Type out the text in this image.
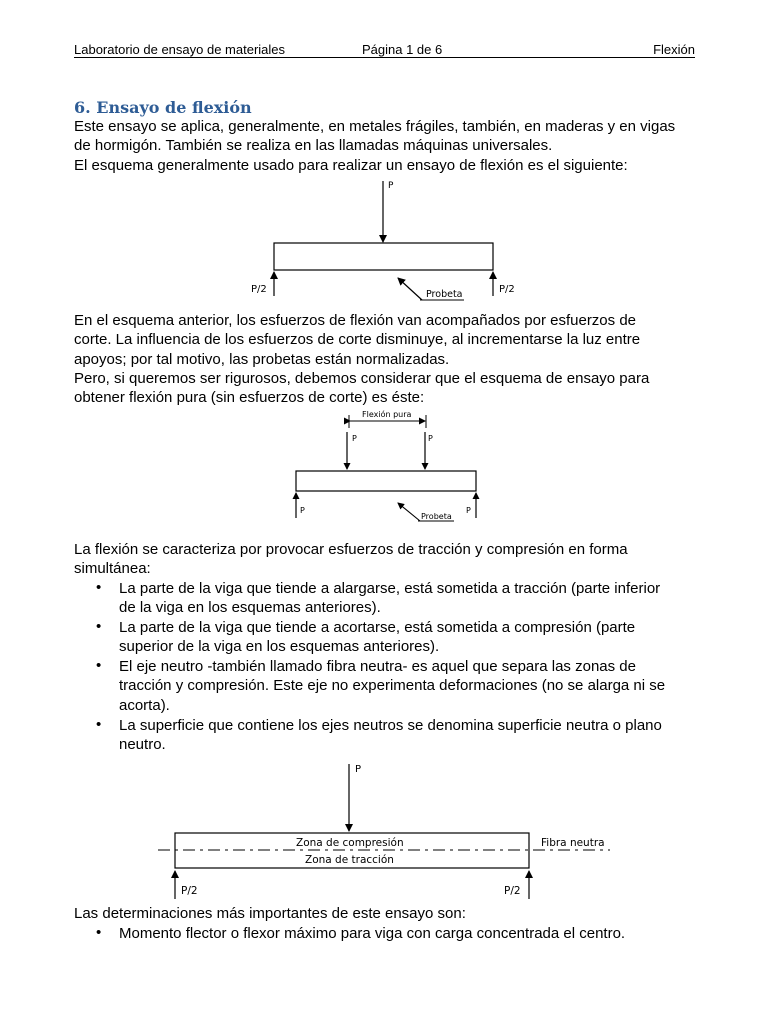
Laboratorio de ensayo de materiales	Página 1 de 6	Flexión
6. Ensayo de flexión

Este ensayo se aplica, generalmente, en metales frágiles, también, en maderas y en vigas
de hormigón. También se realiza en las llamadas máquinas universales.
El esquema generalmente usado para realizar un ensayo de flexión es el siguiente:

P
P/2	P/2
Probeta

En el esquema anterior, los esfuerzos de flexión van acompañados por esfuerzos de
corte. La influencia de los esfuerzos de corte disminuye, al incrementarse la luz entre
apoyos; por tal motivo, las probetas están normalizadas.
Pero, si queremos ser rigurosos, debemos considerar que el esquema de ensayo para
obtener flexión pura (sin esfuerzos de corte) es éste:

Flexión pura
P	P
P	P
Probeta

La flexión se caracteriza por provocar esfuerzos de tracción y compresión en forma
simultánea:

• La parte de la viga que tiende a alargarse, está sometida a tracción (parte inferior
de la viga en los esquemas anteriores).

• La parte de la viga que tiende a acortarse, está sometida a compresión (parte
superior de la viga en los esquemas anteriores).

• El eje neutro -también llamado fibra neutra- es aquel que separa las zonas de
tracción y compresión. Este eje no experimenta deformaciones (no se alarga ni se
acorta).

• La superficie que contiene los ejes neutros se denomina superficie neutra o plano
neutro.

P
Zona de compresión
Zona de tracción
Fibra neutra
P/2	P/2

Las determinaciones más importantes de este ensayo son:

• Momento flector o flexor máximo para viga con carga concentrada el centro.
